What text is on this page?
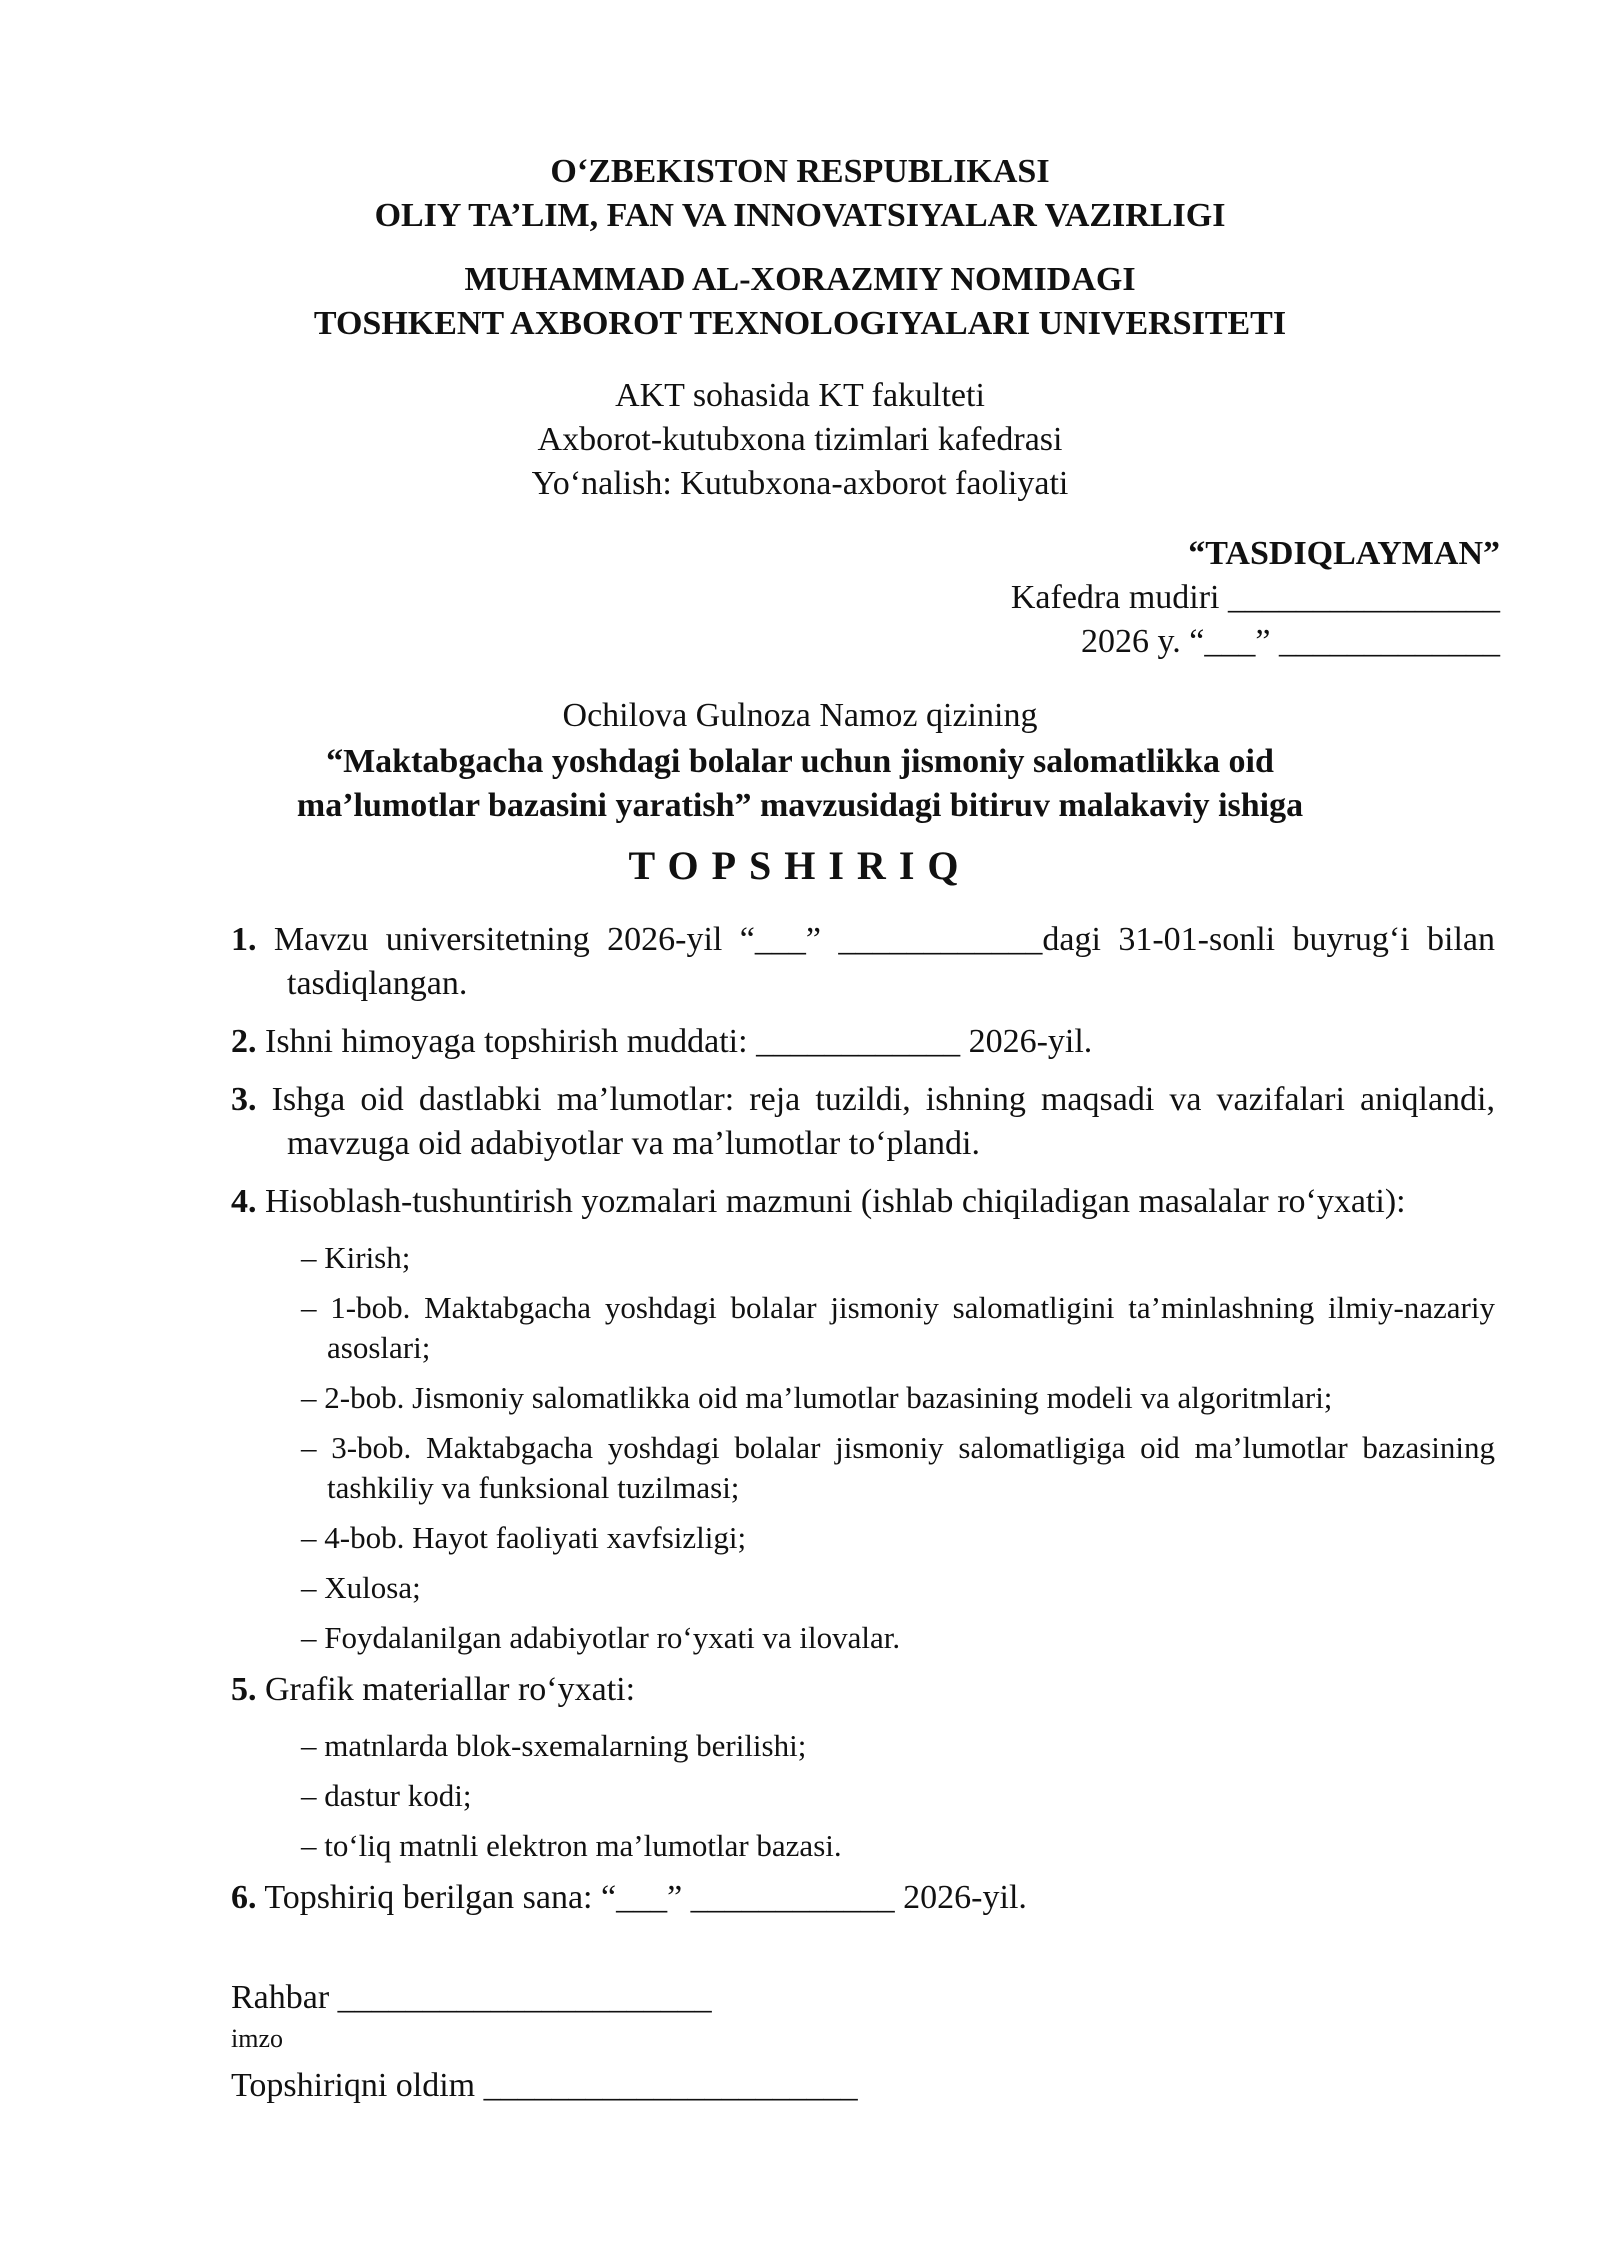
O‘ZBEKISTON RESPUBLIKASI
OLIY TA’LIM, FAN VA INNOVATSIYALAR VAZIRLIGI
MUHAMMAD AL-XORAZMIY NOMIDAGI
TOSHKENT AXBOROT TEXNOLOGIYALARI UNIVERSITETI
AKT sohasida KT fakulteti
Axborot-kutubxona tizimlari kafedrasi
Yo‘nalish: Kutubxona-axborot faoliyati
“TASDIQLAYMAN”
Kafedra mudiri ________________
2026 y. “___” _____________
Ochilova Gulnoza Namoz qizining
“Maktabgacha yoshdagi bolalar uchun jismoniy salomatlikka oid
ma’lumotlar bazasini yaratish” mavzusidagi bitiruv malakaviy ishiga
TOPSHIRIQ

1. Mavzu universitetning 2026-yil “___” ____________dagi 31-01-sonli buyrug‘i bilan tasdiqlangan.

2. Ishni himoyaga topshirish muddati: ____________ 2026-yil.

3. Ishga oid dastlabki ma’lumotlar: reja tuzildi, ishning maqsadi va vazifalari aniqlandi, mavzuga oid adabiyotlar va ma’lumotlar to‘plandi.

4. Hisoblash-tushuntirish yozmalari mazmuni (ishlab chiqiladigan masalalar ro‘yxati):

– Kirish;
– 1-bob. Maktabgacha yoshdagi bolalar jismoniy salomatligini ta’minlashning ilmiy-nazariy asoslari;
– 2-bob. Jismoniy salomatlikka oid ma’lumotlar bazasining modeli va algoritmlari;
– 3-bob. Maktabgacha yoshdagi bolalar jismoniy salomatligiga oid ma’lumotlar bazasining tashkiliy va funksional tuzilmasi;
– 4-bob. Hayot faoliyati xavfsizligi;
– Xulosa;
– Foydalanilgan adabiyotlar ro‘yxati va ilovalar.

5. Grafik materiallar ro‘yxati:

– matnlarda blok-sxemalarning berilishi;
– dastur kodi;
– to‘liq matnli elektron ma’lumotlar bazasi.

6. Topshiriq berilgan sana: “___” ____________ 2026-yil.

Rahbar ______________________
imzo
Topshiriqni oldim ______________________
